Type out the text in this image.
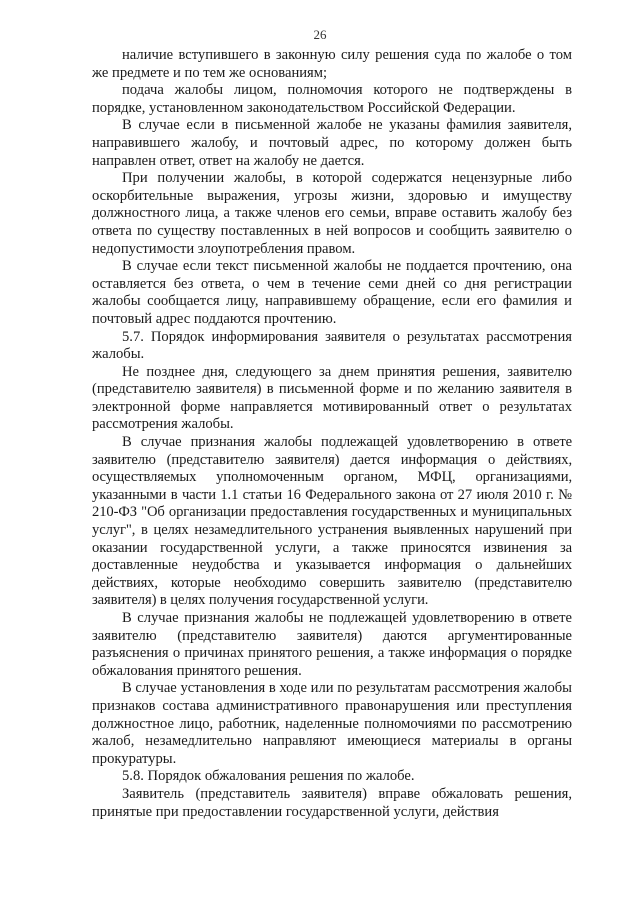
26

наличие вступившего в законную силу решения суда по жалобе о том же предмете и по тем же основаниям;

подача жалобы лицом, полномочия которого не подтверждены в порядке, установленном законодательством Российской Федерации.

В случае если в письменной жалобе не указаны фамилия заявителя, направившего жалобу, и почтовый адрес, по которому должен быть направлен ответ, ответ на жалобу не дается.

При получении жалобы, в которой содержатся нецензурные либо оскорбительные выражения, угрозы жизни, здоровью и имуществу должностного лица, а также членов его семьи, вправе оставить жалобу без ответа по существу поставленных в ней вопросов и сообщить заявителю о недопустимости злоупотребления правом.

В случае если текст письменной жалобы не поддается прочтению, она оставляется без ответа, о чем в течение семи дней со дня регистрации жалобы сообщается лицу, направившему обращение, если его фамилия и почтовый адрес поддаются прочтению.

5.7. Порядок информирования заявителя о результатах рассмотрения жалобы.

Не позднее дня, следующего за днем принятия решения, заявителю (представителю заявителя) в письменной форме и по желанию заявителя в электронной форме направляется мотивированный ответ о результатах рассмотрения жалобы.

В случае признания жалобы подлежащей удовлетворению в ответе заявителю (представителю заявителя) дается информация о действиях, осуществляемых уполномоченным органом, МФЦ, организациями, указанными в части 1.1 статьи 16 Федерального закона от 27 июля 2010 г. № 210-ФЗ "Об организации предоставления государственных и муниципальных услуг", в целях незамедлительного устранения выявленных нарушений при оказании государственной услуги, а также приносятся извинения за доставленные неудобства и указывается информация о дальнейших действиях, которые необходимо совершить заявителю (представителю заявителя) в целях получения государственной услуги.

В случае признания жалобы не подлежащей удовлетворению в ответе заявителю (представителю заявителя) даются аргументированные разъяснения о причинах принятого решения, а также информация о порядке обжалования принятого решения.

В случае установления в ходе или по результатам рассмотрения жалобы признаков состава административного правонарушения или преступления должностное лицо, работник, наделенные полномочиями по рассмотрению жалоб, незамедлительно направляют имеющиеся материалы в органы прокуратуры.

5.8. Порядок обжалования решения по жалобе.

Заявитель (представитель заявителя) вправе обжаловать решения, принятые при предоставлении государственной услуги, действия
